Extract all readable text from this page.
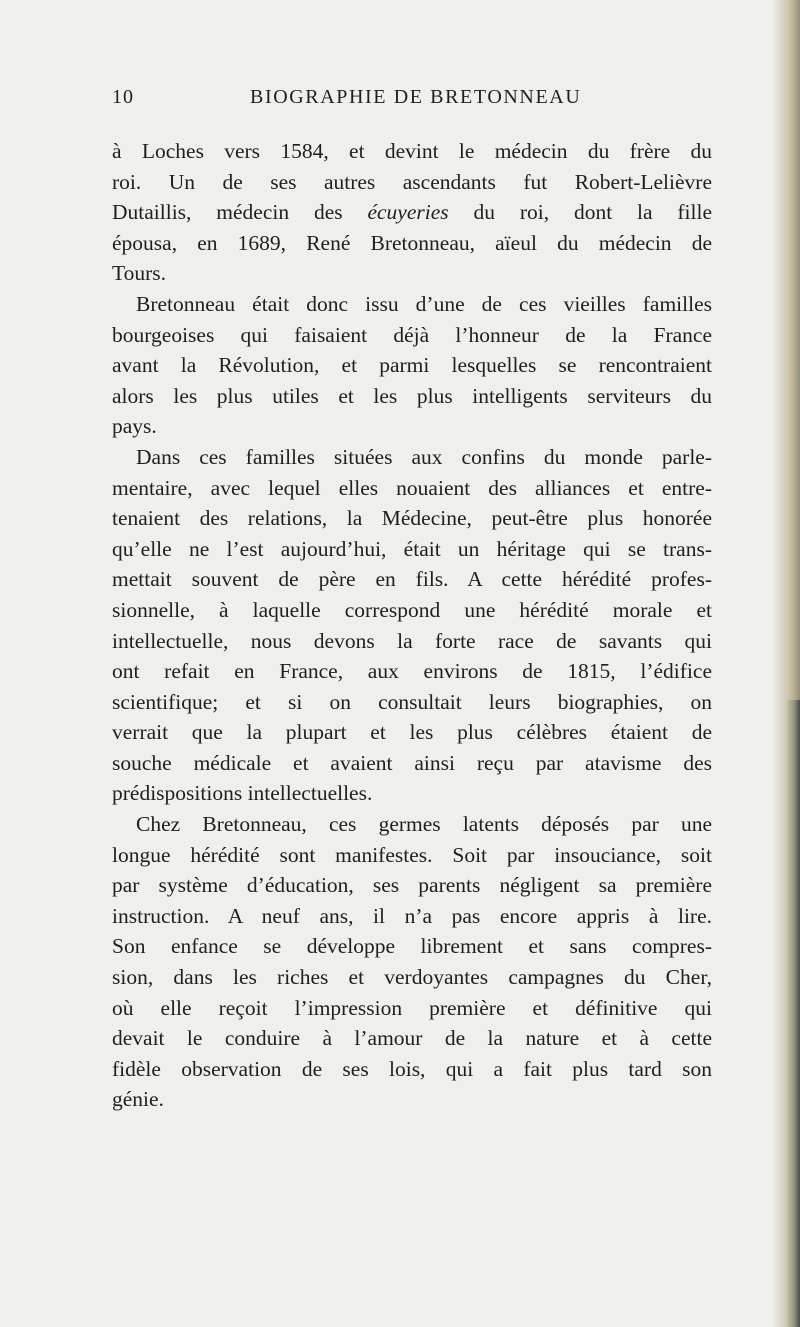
10	BIOGRAPHIE DE BRETONNEAU
à Loches vers 1584, et devint le médecin du frère du
roi. Un de ses autres ascendants fut Robert-Lelièvre
Dutaillis, médecin des écuyeries du roi, dont la fille
épousa, en 1689, René Bretonneau, aïeul du médecin de
Tours.
Bretonneau était donc issu d’une de ces vieilles familles
bourgeoises qui faisaient déjà l’honneur de la France
avant la Révolution, et parmi lesquelles se rencontraient
alors les plus utiles et les plus intelligents serviteurs du
pays.
Dans ces familles situées aux confins du monde parle-
mentaire, avec lequel elles nouaient des alliances et entre-
tenaient des relations, la Médecine, peut-être plus honorée
qu’elle ne l’est aujourd’hui, était un héritage qui se trans-
mettait souvent de père en fils. A cette hérédité profes-
sionnelle, à laquelle correspond une hérédité morale et
intellectuelle, nous devons la forte race de savants qui
ont refait en France, aux environs de 1815, l’édifice
scientifique; et si on consultait leurs biographies, on
verrait que la plupart et les plus célèbres étaient de
souche médicale et avaient ainsi reçu par atavisme des
prédispositions intellectuelles.
Chez Bretonneau, ces germes latents déposés par une
longue hérédité sont manifestes. Soit par insouciance, soit
par système d’éducation, ses parents négligent sa première
instruction. A neuf ans, il n’a pas encore appris à lire.
Son enfance se développe librement et sans compres-
sion, dans les riches et verdoyantes campagnes du Cher,
où elle reçoit l’impression première et définitive qui
devait le conduire à l’amour de la nature et à cette
fidèle observation de ses lois, qui a fait plus tard son
génie.
